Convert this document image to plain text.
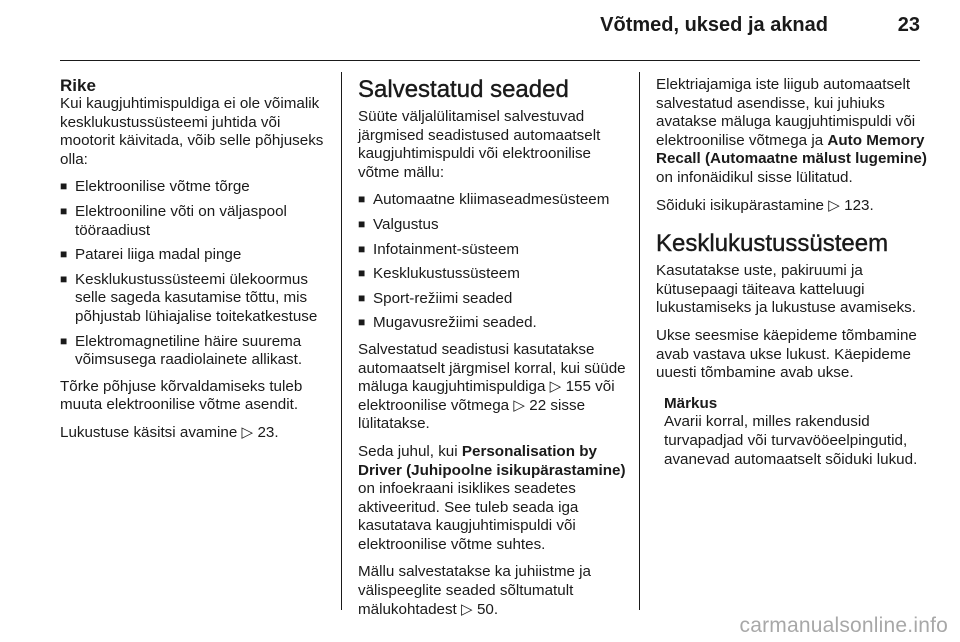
Võtmed, uksed ja aknad	23
Rike

Kui kaugjuhtimispuldiga ei ole võimalik kesklukustussüsteemi juhtida või mootorit käivitada, võib selle põhjuseks olla:

■ Elektroonilise võtme tõrge
■ Elektrooniline võti on väljaspool tööraadiust
■ Patarei liiga madal pinge
■ Kesklukustussüsteemi ülekoormus selle sageda kasutamise tõttu, mis põhjustab lühiajalise toitekatkestuse
■ Elektromagnetiline häire suurema võimsusega raadiolainete allikast.

Tõrke põhjuse kõrvaldamiseks tuleb muuta elektroonilise võtme asendit.

Lukustuse käsitsi avamine ▷ 23.

Salvestatud seaded

Süüte väljalülitamisel salvestuvad järgmised seadistused automaatselt kaugjuhtimispuldi või elektroonilise võtme mällu:

■ Automaatne kliimaseadmesüsteem
■ Valgustus
■ Infotainment-süsteem
■ Kesklukustussüsteem
■ Sport-režiimi seaded
■ Mugavusrežiimi seaded.

Salvestatud seadistusi kasutatakse automaatselt järgmisel korral, kui süüde mäluga kaugjuhtimispuldiga ▷ 155 või elektroonilise võtmega ▷ 22 sisse lülitatakse.

Seda juhul, kui Personalisation by Driver (Juhipoolne isikupärastamine) on infoekraani isiklikes seadetes aktiveeritud. See tuleb seada iga kasutatava kaugjuhtimispuldi või elektroonilise võtme suhtes.

Mällu salvestatakse ka juhiistme ja välispeeglite seaded sõltumatult mälukohtadest ▷ 50.

Elektriajamiga iste liigub automaatselt salvestatud asendisse, kui juhiuks avatakse mäluga kaugjuhtimispuldi või elektroonilise võtmega ja Auto Memory Recall (Automaatne mälust lugemine) on infonäidikul sisse lülitatud.

Sõiduki isikupärastamine ▷ 123.

Kesklukustussüsteem

Kasutatakse uste, pakiruumi ja kütusepaagi täiteava katteluugi lukustamiseks ja lukustuse avamiseks.

Ukse seesmise käepideme tõmbamine avab vastava ukse lukust. Käepideme uuesti tõmbamine avab ukse.

Märkus
Avarii korral, milles rakendusid turvapadjad või turvavööeelpingutid, avanevad automaatselt sõiduki lukud.
carmanualsonline.info
